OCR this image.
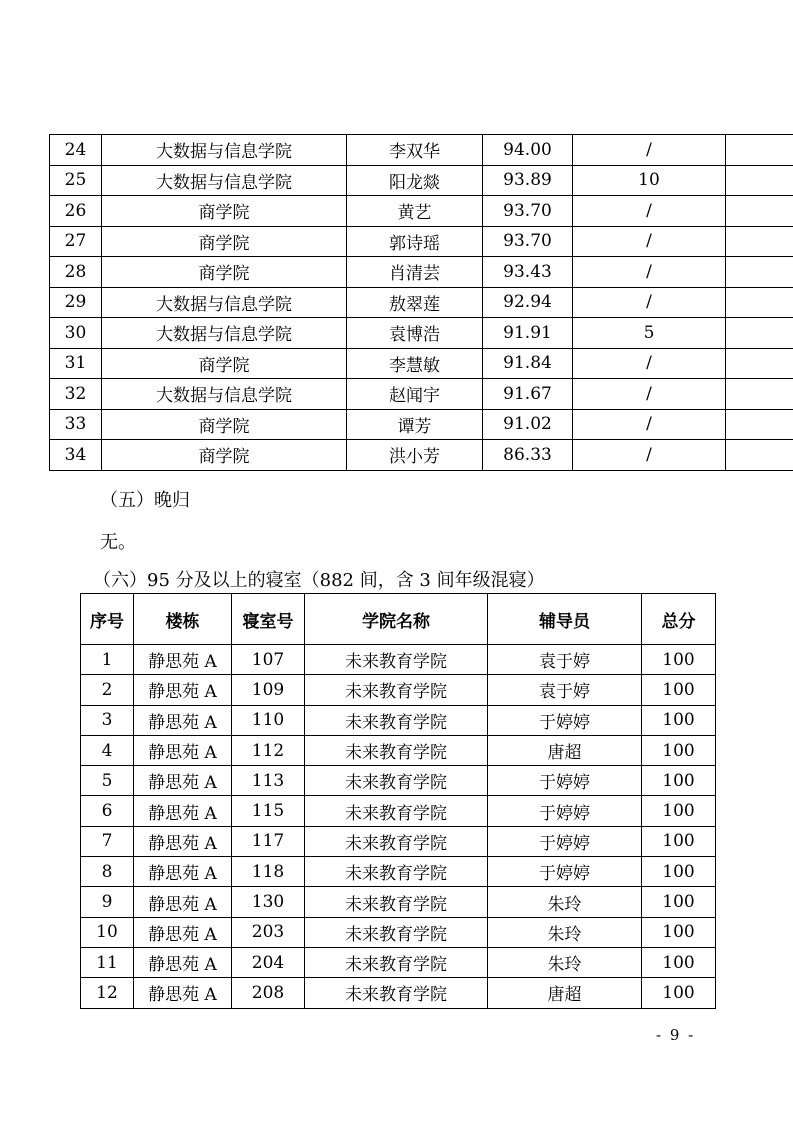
24	大数据与信息学院	李双华	94.00	/	
25	大数据与信息学院	阳龙燚	93.89	10	
26	商学院	黄艺	93.70	/	
27	商学院	郭诗瑶	93.70	/	
28	商学院	肖清芸	93.43	/	
29	大数据与信息学院	敖翠莲	92.94	/	
30	大数据与信息学院	袁博浩	91.91	5	
31	商学院	李慧敏	91.84	/	
32	大数据与信息学院	赵闻宇	91.67	/	
33	商学院	谭芳	91.02	/	
34	商学院	洪小芳	86.33	/	
（五）晚归
无。
（六）95 分及以上的寝室（882 间，含 3 间年级混寝）
序号	楼栋	寝室号	学院名称	辅导员	总分
1	静思苑 A	107	未来教育学院	袁于婷	100
2	静思苑 A	109	未来教育学院	袁于婷	100
3	静思苑 A	110	未来教育学院	于婷婷	100
4	静思苑 A	112	未来教育学院	唐超	100
5	静思苑 A	113	未来教育学院	于婷婷	100
6	静思苑 A	115	未来教育学院	于婷婷	100
7	静思苑 A	117	未来教育学院	于婷婷	100
8	静思苑 A	118	未来教育学院	于婷婷	100
9	静思苑 A	130	未来教育学院	朱玲	100
10	静思苑 A	203	未来教育学院	朱玲	100
11	静思苑 A	204	未来教育学院	朱玲	100
12	静思苑 A	208	未来教育学院	唐超	100
- 9 -
